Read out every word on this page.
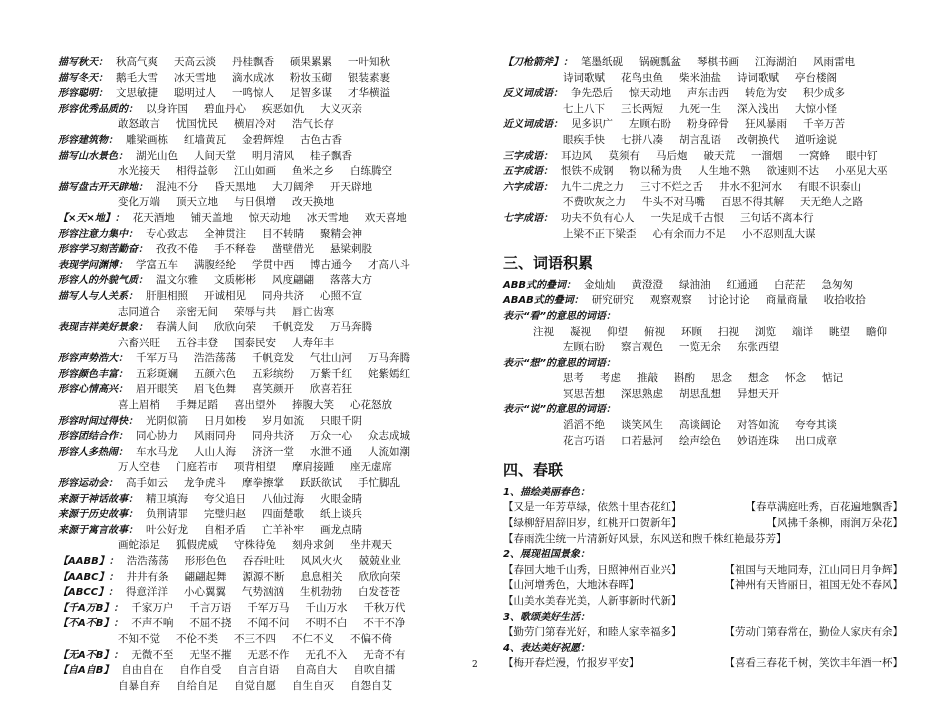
描写秋天： 秋高气爽 天高云淡 丹桂飘香 硕果累累 一叶知秋
描写冬天： 鹅毛大雪 冰天雪地 滴水成冰 粉妆玉砌 银装素裹
形容聪明： 文思敏捷 聪明过人 一鸣惊人 足智多谋 才华横溢
形容优秀品质的： 以身许国 碧血丹心 疾恶如仇 大义灭亲
敢怒敢言 忧国忧民 横眉冷对 浩气长存
形容建筑物： 雕梁画栋 红墙黄瓦 金碧辉煌 古色古香
描写山水景色： 湖光山色 人间天堂 明月清风 桂子飘香
水光接天 相得益彰 江山如画 鱼米之乡 白练腾空
描写盘古开天辟地： 混沌不分 昏天黑地 大刀阔斧 开天辟地
变化万端 顶天立地 与日俱增 改天换地
【×天×地】： 花天酒地 铺天盖地 惊天动地 冰天雪地 欢天喜地
形容注意力集中： 专心致志 全神贯注 目不转睛 聚精会神
形容学习刻苦勤奋： 孜孜不倦 手不释卷 凿壁借光 悬梁刺股
表现学问渊博： 学富五车 满腹经纶 学贯中西 博古通今 才高八斗
形容人的外貌气质： 温文尔雅 文质彬彬 风度翩翩 落落大方
描写人与人关系： 肝胆相照 开诚相见 同舟共济 心照不宣
志同道合 亲密无间 荣辱与共 唇亡齿寒
表现吉祥美好景象： 春满人间 欣欣向荣 千帆竞发 万马奔腾
六畜兴旺 五谷丰登 国泰民安 人寿年丰
形容声势浩大： 千军万马 浩浩荡荡 千帆竞发 气壮山河 万马奔腾
形容颜色丰富： 五彩斑斓 五颜六色 五彩缤纷 万紫千红 姹紫嫣红
形容心情高兴： 眉开眼笑 眉飞色舞 喜笑颜开 欣喜若狂
喜上眉梢 手舞足蹈 喜出望外 捧腹大笑 心花怒放
形容时间过得快： 光阴似箭 日月如梭 岁月如流 只眼千阴
形容团结合作： 同心协力 风雨同舟 同舟共济 万众一心 众志成城
形容人多热闹： 车水马龙 人山人海 济济一堂 水泄不通 人流如潮
万人空巷 门庭若市 项背相望 摩肩接踵 座无虚席
形容运动会： 高手如云 龙争虎斗 摩拳擦掌 跃跃欲试 手忙脚乱
来源于神话故事： 精卫填海 夸父追日 八仙过海 火眼金睛
来源于历史故事： 负荆请罪 完璧归赵 四面楚歌 纸上谈兵
来源于寓言故事： 叶公好龙 自相矛盾 亡羊补牢 画龙点睛
画蛇添足 狐假虎威 守株待兔 刻舟求剑 坐井观天
【AABB】： 浩浩荡荡 形形色色 吞吞吐吐 风风火火 兢兢业业
【AABC】： 井井有条 翩翩起舞 源源不断 息息相关 欣欣向荣
【ABCC】： 得意洋洋 小心翼翼 气势汹汹 生机勃勃 白发苍苍
【千A万B】： 千家万户 千言万语 千军万马 千山万水 千秋万代
【不A不B】： 不声不响 不屈不挠 不闻不问 不明不白 不干不净
不知不觉 不伦不类 不三不四 不仁不义 不偏不倚
【无A不B】： 无微不至 无坚不摧 无恶不作 无孔不入 无奇不有
【自A自B】 自由自在 自作自受 自言自语 自高自大 自吹自擂
自暴自弃 自给自足 自觉自愿 自生自灭 自怨自艾
【刀枪箭斧】： 笔墨纸砚 锅碗瓢盆 琴棋书画 江海湖泊 风雨雷电
诗词歌赋 花鸟虫鱼 柴米油盐 诗词歌赋 亭台楼阁
反义词成语： 争先恐后 惊天动地 声东击西 转危为安 积少成多
七上八下 三长两短 九死一生 深入浅出 大惊小怪
近义词成语： 见多识广 左顾右盼 粉身碎骨 狂风暴雨 千辛万苦
眼疾手快 七拼八凑 胡言乱语 改朝换代 道听途说
三字成语： 耳边风 莫须有 马后炮 破天荒 一溜烟 一窝蜂 眼中钉
五字成语： 恨铁不成钢 物以稀为贵 人生地不熟 欲速则不达 小巫见大巫
六字成语： 九牛二虎之力 三寸不烂之舌 井水不犯河水 有眼不识泰山
不费吹灰之力 牛头不对马嘴 百思不得其解 天无绝人之路
七字成语： 功夫不负有心人 一失足成千古恨 三句话不离本行
上梁不正下梁歪 心有余而力不足 小不忍则乱大谋
三、词语积累
ABB式的叠词： 金灿灿 黄澄澄 绿油油 红通通 白茫茫 急匆匆
ABAB式的叠词： 研究研究 观察观察 讨论讨论 商量商量 收拾收拾
表示“看”的意思的词语：
注视 凝视 仰望 俯视 环顾 扫视 浏览 端详 眺望 瞻仰
左顾右盼 察言观色 一览无余 东张西望
表示“想”的意思的词语：
思考 考虑 推敲 斟酌 思念 想念 怀念 惦记
冥思苦想 深思熟虑 胡思乱想 异想天开
表示“说”的意思的词语：
滔滔不绝 谈笑风生 高谈阔论 对答如流 夸夸其谈
花言巧语 口若悬河 绘声绘色 妙语连珠 出口成章
四、春联
1、描绘美丽春色：
【又是一年芳草绿，依然十里杏花红】	【春草满庭吐秀，百花遍地飘香】
【绿柳舒眉辞旧岁，红桃开口贺新年】	【风拂千条柳，雨润万朵花】
【春雨洗尘统一片清新好风景，东风送和煦千株红艳最芬芳】
2、展现祖国景象：
【春回大地千山秀，日照神州百业兴】	【祖国与天地同寿，江山同日月争辉】
【山河增秀色，大地沐春晖】	【神州有天皆丽日，祖国无处不春风】
【山美水美春光美，人新事新时代新】
3、歌颂美好生活：
【勤劳门第春光好，和睦人家幸福多】	【劳动门第春常在，勤俭人家庆有余】
4、表达美好祝愿：
【梅开春烂漫，竹报岁平安】	【喜看三春花千树，笑饮丰年酒一杯】
2
